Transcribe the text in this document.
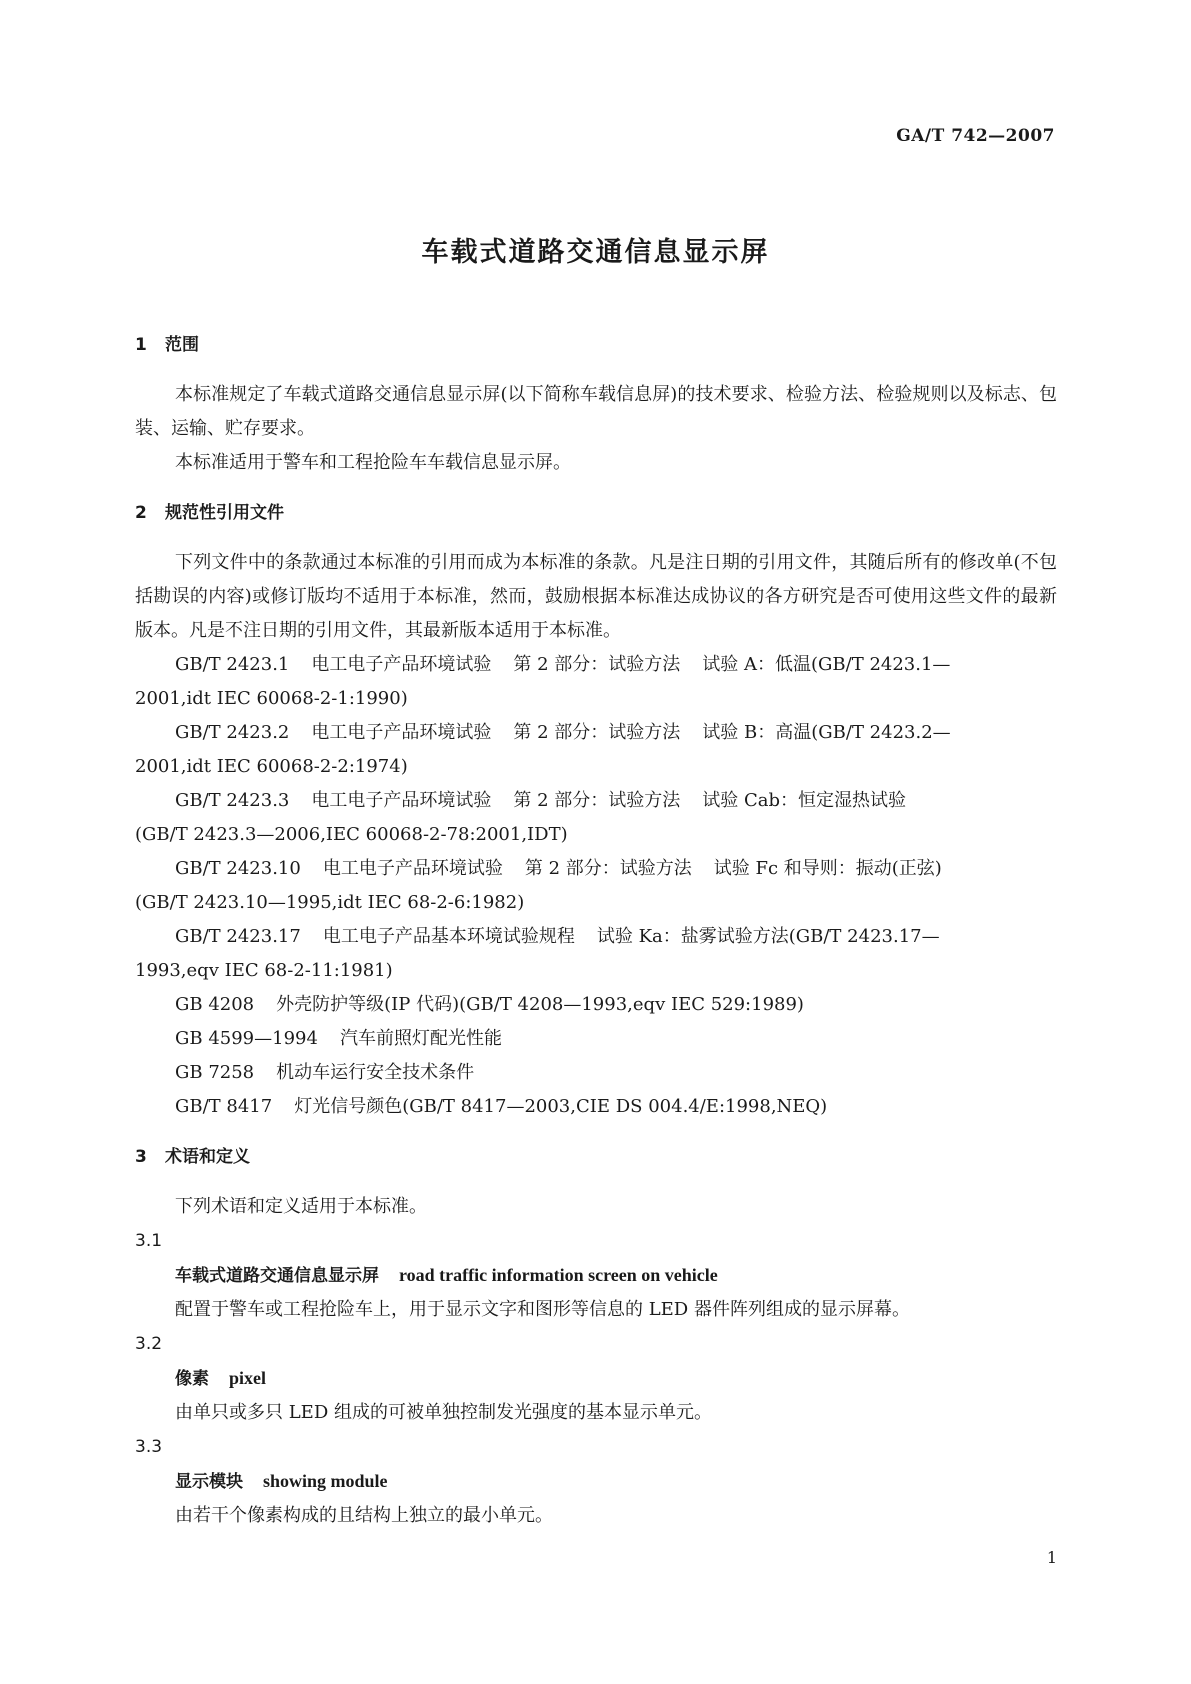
GA/T 742—2007
车载式道路交通信息显示屏
1 范围

本标准规定了车载式道路交通信息显示屏(以下简称车载信息屏)的技术要求、检验方法、检验规则以及标志、包装、运输、贮存要求。

本标准适用于警车和工程抢险车车载信息显示屏。

2 规范性引用文件

下列文件中的条款通过本标准的引用而成为本标准的条款。凡是注日期的引用文件，其随后所有的修改单(不包括勘误的内容)或修订版均不适用于本标准，然而，鼓励根据本标准达成协议的各方研究是否可使用这些文件的最新版本。凡是不注日期的引用文件，其最新版本适用于本标准。

GB/T 2423.1 电工电子产品环境试验 第 2 部分：试验方法 试验 A：低温(GB/T 2423.1—
2001,idt IEC 60068-2-1:1990)
GB/T 2423.2 电工电子产品环境试验 第 2 部分：试验方法 试验 B：高温(GB/T 2423.2—
2001,idt IEC 60068-2-2:1974)
GB/T 2423.3 电工电子产品环境试验 第 2 部分：试验方法 试验 Cab：恒定湿热试验
(GB/T 2423.3—2006,IEC 60068-2-78:2001,IDT)
GB/T 2423.10 电工电子产品环境试验 第 2 部分：试验方法 试验 Fc 和导则：振动(正弦)
(GB/T 2423.10—1995,idt IEC 68-2-6:1982)
GB/T 2423.17 电工电子产品基本环境试验规程 试验 Ka：盐雾试验方法(GB/T 2423.17—
1993,eqv IEC 68-2-11:1981)
GB 4208 外壳防护等级(IP 代码)(GB/T 4208—1993,eqv IEC 529:1989)
GB 4599—1994 汽车前照灯配光性能
GB 7258 机动车运行安全技术条件
GB/T 8417 灯光信号颜色(GB/T 8417—2003,CIE DS 004.4/E:1998,NEQ)
3 术语和定义

下列术语和定义适用于本标准。

3.1

车载式道路交通信息显示屏 road traffic information screen on vehicle

配置于警车或工程抢险车上，用于显示文字和图形等信息的 LED 器件阵列组成的显示屏幕。

3.2

像素 pixel

由单只或多只 LED 组成的可被单独控制发光强度的基本显示单元。

3.3

显示模块 showing module

由若干个像素构成的且结构上独立的最小单元。

1
